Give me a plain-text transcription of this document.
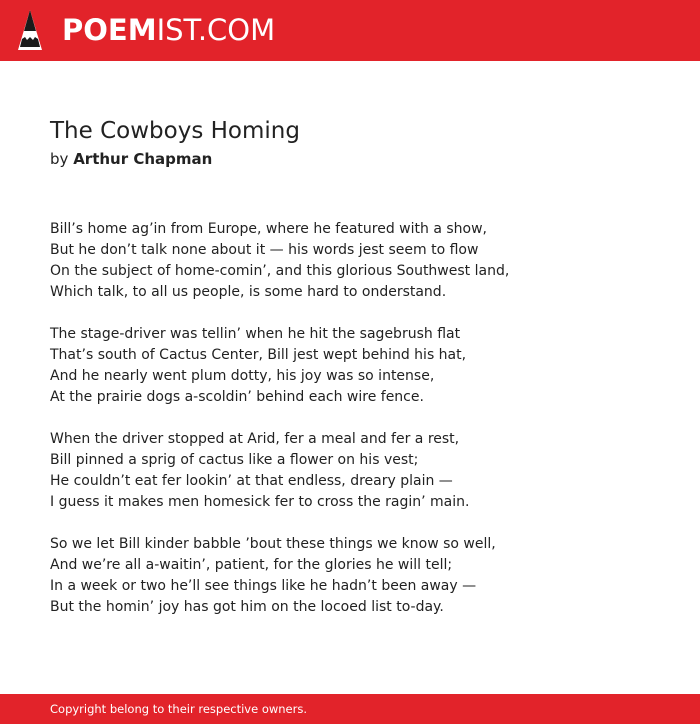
POEMIST.COM
The Cowboys Homing
by Arthur Chapman
Bill’s home ag’in from Europe, where he featured with a show,
But he don’t talk none about it — his words jest seem to flow
On the subject of home-comin’, and this glorious Southwest land,
Which talk, to all us people, is some hard to onderstand.
The stage-driver was tellin’ when he hit the sagebrush flat
That’s south of Cactus Center, Bill jest wept behind his hat,
And he nearly went plum dotty, his joy was so intense,
At the prairie dogs a-scoldin’ behind each wire fence.
When the driver stopped at Arid, fer a meal and fer a rest,
Bill pinned a sprig of cactus like a flower on his vest;
He couldn’t eat fer lookin’ at that endless, dreary plain —
I guess it makes men homesick fer to cross the ragin’ main.
So we let Bill kinder babble ’bout these things we know so well,
And we’re all a-waitin’, patient, for the glories he will tell;
In a week or two he’ll see things like he hadn’t been away —
But the homin’ joy has got him on the locoed list to-day.
Copyright belong to their respective owners.
